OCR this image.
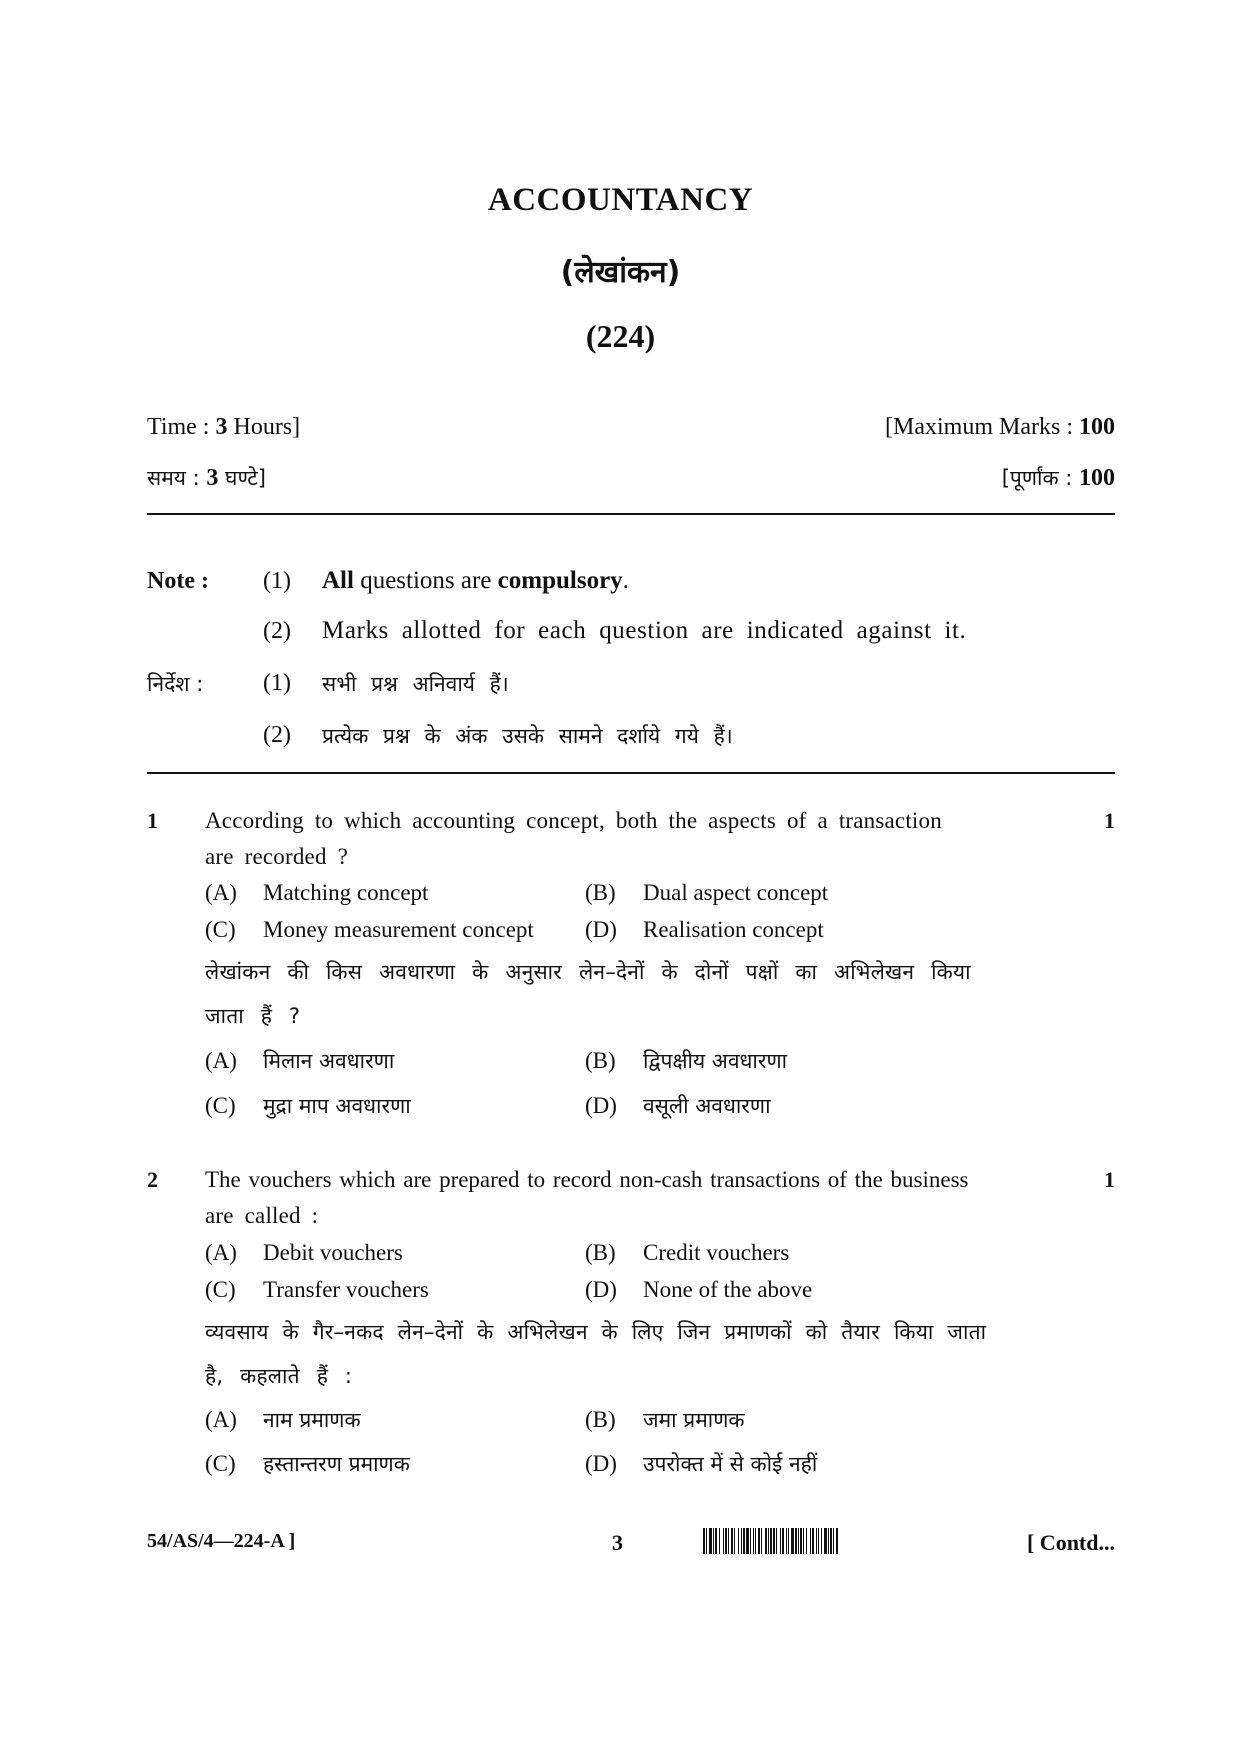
ACCOUNTANCY
(लेखांकन)
(224)
Time : 3 Hours]	[Maximum Marks : 100
समय : 3 घण्टे]	[पूर्णांक : 100
Note : (1) All questions are compulsory.
(2) Marks allotted for each question are indicated against it.
निर्देश : (1) सभी प्रश्न अनिवार्य हैं।
(2) प्रत्येक प्रश्न के अंक उसके सामने दर्शाये गये हैं।
1	1
According to which accounting concept, both the aspects of a transaction
are recorded ?
(A) Matching concept	(B) Dual aspect concept
(C) Money measurement concept (D) Realisation concept
लेखांकन की किस अवधारणा के अनुसार लेन–देनों के दोनों पक्षों का अभिलेखन किया
जाता हैं ?
(A) मिलान अवधारणा	(B) द्विपक्षीय अवधारणा
(C) मुद्रा माप अवधारणा	(D) वसूली अवधारणा
2	1
The vouchers which are prepared to record non-cash transactions of the business
are called :
(A) Debit vouchers	(B) Credit vouchers
(C) Transfer vouchers	(D) None of the above
व्यवसाय के गैर–नकद लेन–देनों के अभिलेखन के लिए जिन प्रमाणकों को तैयार किया जाता
है, कहलाते हैं :
(A) नाम प्रमाणक	(B) जमा प्रमाणक
(C) हस्तान्तरण प्रमाणक	(D) उपरोक्त में से कोई नहीं
54/AS/4—224-A ]	3	[ Contd...
